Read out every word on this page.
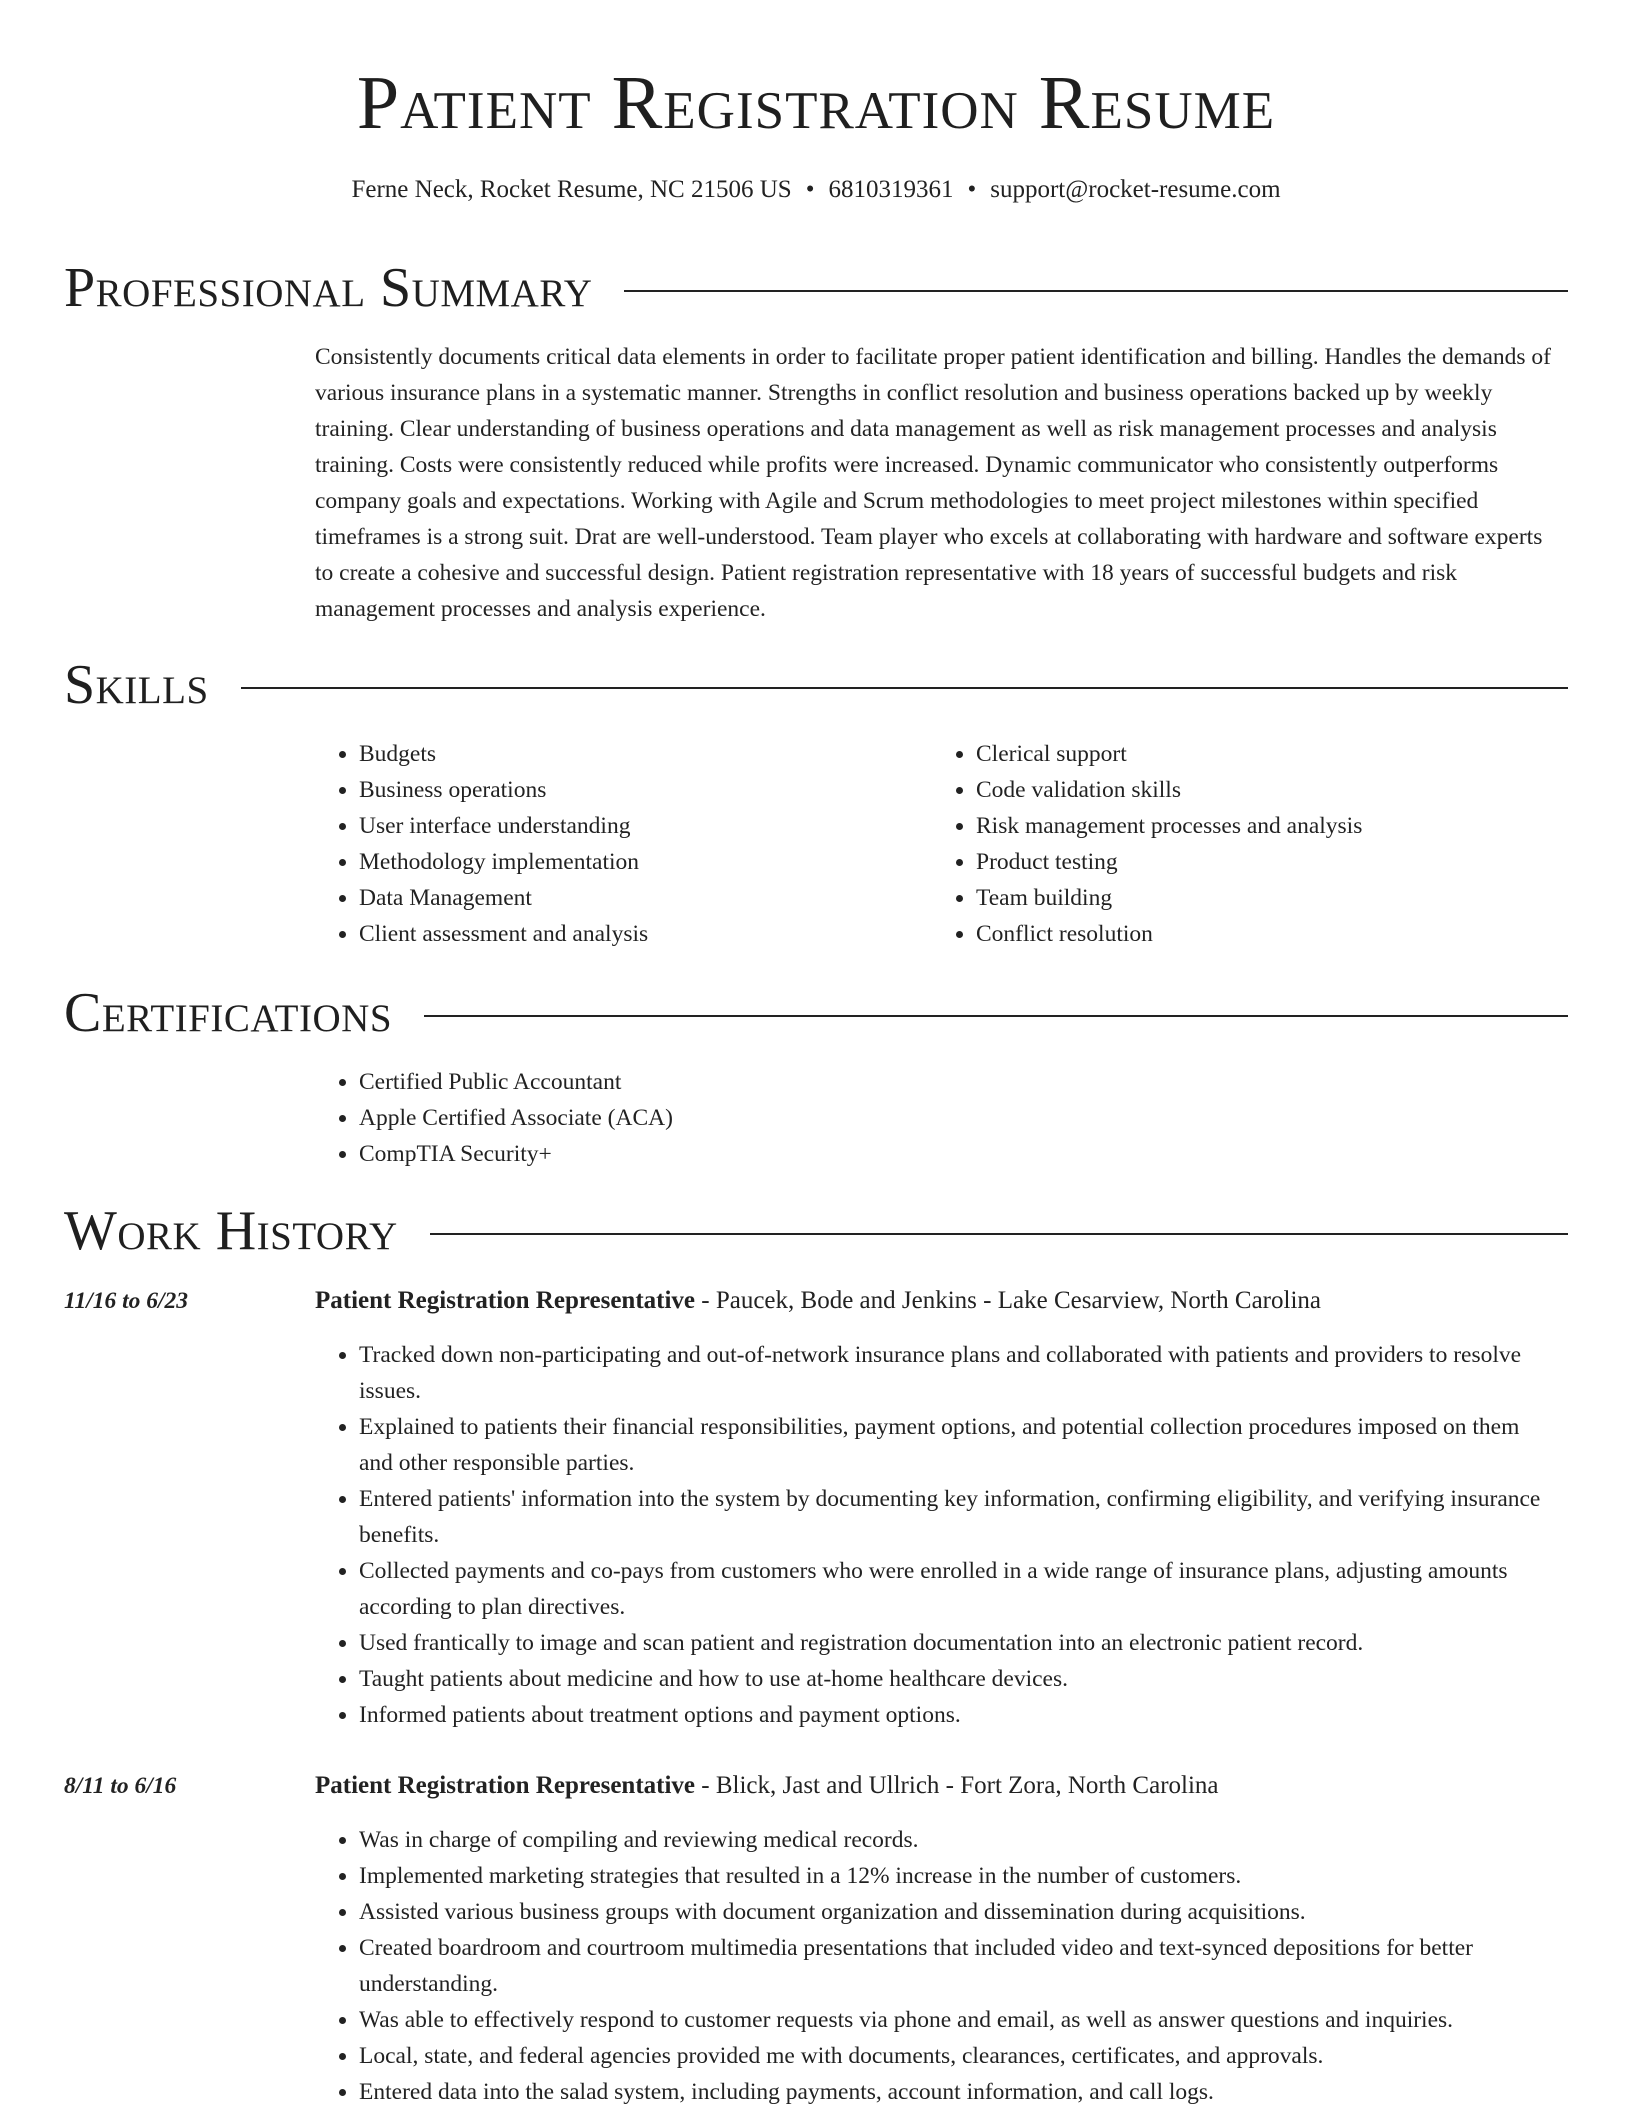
Patient Registration Resume
Ferne Neck, Rocket Resume, NC 21506 US • 6810319361 • support@rocket-resume.com
Professional Summary

Consistently documents critical data elements in order to facilitate proper patient identification and billing. Handles the demands of various insurance plans in a systematic manner. Strengths in conflict resolution and business operations backed up by weekly training. Clear understanding of business operations and data management as well as risk management processes and analysis training. Costs were consistently reduced while profits were increased. Dynamic communicator who consistently outperforms company goals and expectations. Working with Agile and Scrum methodologies to meet project milestones within specified timeframes is a strong suit. Drat are well-understood. Team player who excels at collaborating with hardware and software experts to create a cohesive and successful design. Patient registration representative with 18 years of successful budgets and risk management processes and analysis experience.

Skills
• Budgets
• Business operations
• User interface understanding
• Methodology implementation
• Data Management
• Client assessment and analysis
• Clerical support
• Code validation skills
• Risk management processes and analysis
• Product testing
• Team building
• Conflict resolution
Certifications
• Certified Public Accountant
• Apple Certified Associate (ACA)
• CompTIA Security+
Work History
11/16 to 6/23	Patient Registration Representative - Paucek, Bode and Jenkins - Lake Cesarview, North Carolina
• Tracked down non-participating and out-of-network insurance plans and collaborated with patients and providers to resolve issues.
• Explained to patients their financial responsibilities, payment options, and potential collection procedures imposed on them and other responsible parties.
• Entered patients' information into the system by documenting key information, confirming eligibility, and verifying insurance benefits.
• Collected payments and co-pays from customers who were enrolled in a wide range of insurance plans, adjusting amounts according to plan directives.
• Used frantically to image and scan patient and registration documentation into an electronic patient record.
• Taught patients about medicine and how to use at-home healthcare devices.
• Informed patients about treatment options and payment options.
8/11 to 6/16	Patient Registration Representative - Blick, Jast and Ullrich - Fort Zora, North Carolina
• Was in charge of compiling and reviewing medical records.
• Implemented marketing strategies that resulted in a 12% increase in the number of customers.
• Assisted various business groups with document organization and dissemination during acquisitions.
• Created boardroom and courtroom multimedia presentations that included video and text-synced depositions for better understanding.
• Was able to effectively respond to customer requests via phone and email, as well as answer questions and inquiries.
• Local, state, and federal agencies provided me with documents, clearances, certificates, and approvals.
• Entered data into the salad system, including payments, account information, and call logs.
